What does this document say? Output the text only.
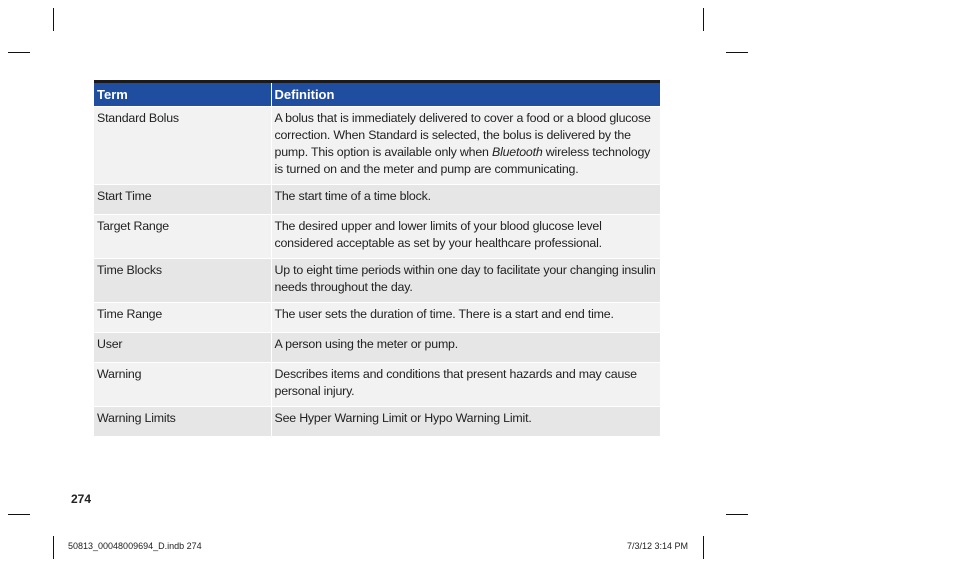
Term	Definition
Standard Bolus	A bolus that is immediately delivered to cover a food or a blood glucose correction. When Standard is selected, the bolus is delivered by the pump. This option is available only when Bluetooth wireless technology is turned on and the meter and pump are communicating.
Start Time	The start time of a time block.
Target Range	The desired upper and lower limits of your blood glucose level considered acceptable as set by your healthcare professional.
Time Blocks	Up to eight time periods within one day to facilitate your changing insulin needs throughout the day.
Time Range	The user sets the duration of time. There is a start and end time.
User	A person using the meter or pump.
Warning	Describes items and conditions that present hazards and may cause personal injury.
Warning Limits	See Hyper Warning Limit or Hypo Warning Limit.
274
50813_00048009694_D.indb 274	7/3/12 3:14 PM
